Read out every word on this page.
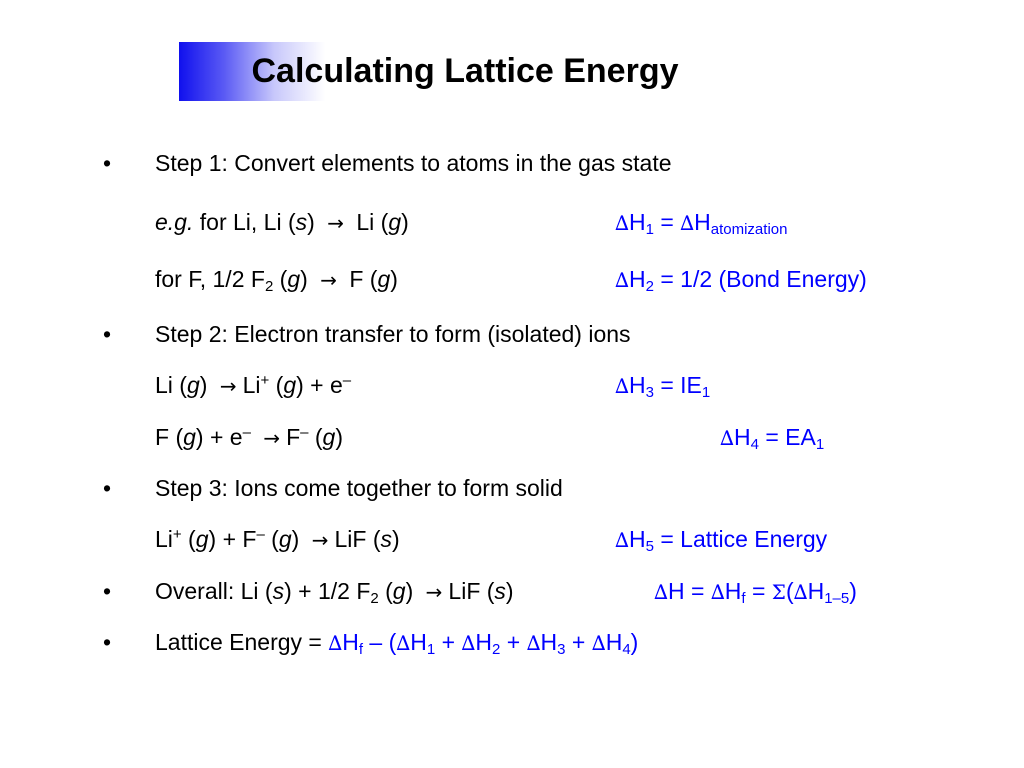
Calculating Lattice Energy
• Step 1: Convert elements to atoms in the gas state
e.g. for Li, Li (s) → Li (g)	$\Delta H_1 = \Delta H_{atomization}$
for F, 1/2 $F_2$ (g) → F (g)	$\Delta H_2 = 1/2$ (Bond Energy)
• Step 2: Electron transfer to form (isolated) ions
Li (g) → Li+ (g) + e–	$\Delta H_3 = IE_1$
F (g) + e– → F– (g)	$\Delta H_4 = EA_1$
• Step 3: Ions come together to form solid
Li+ (g) + F– (g) → LiF (s)	$\Delta H_5$ = Lattice Energy
• Overall: Li (s) + 1/2 $F_2$ (g) → LiF (s)	$\Delta H = \Delta H_f = \Sigma(\Delta H_{1-5})$
• Lattice Energy = $\Delta H_f - (\Delta H_1 + \Delta H_2 + \Delta H_3 + \Delta H_4)$
